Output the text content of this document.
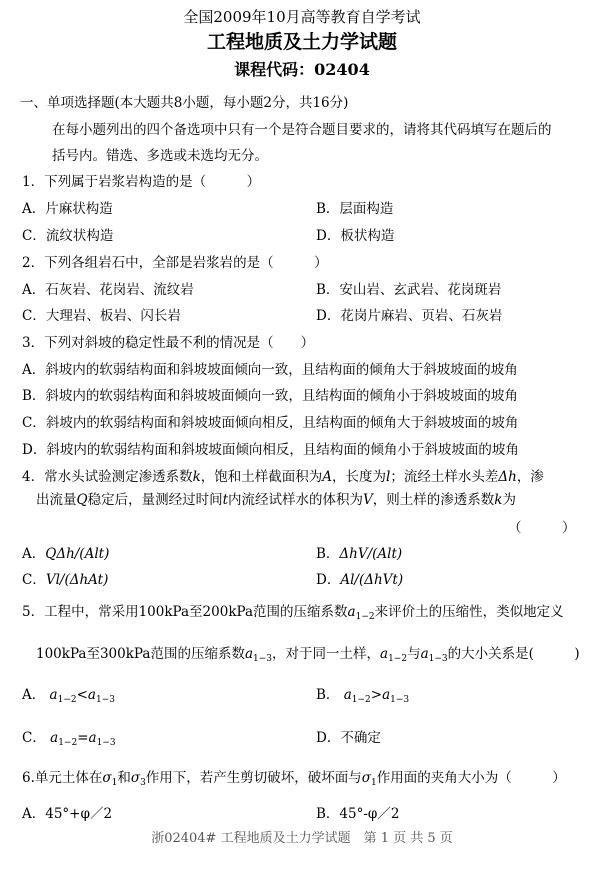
全国2009年10月高等教育自学考试
工程地质及土力学试题
课程代码：02404
一、单项选择题(本大题共8小题，每小题2分，共16分)
在每小题列出的四个备选项中只有一个是符合题目要求的，请将其代码填写在题后的
括号内。错选、多选或未选均无分。
1．下列属于岩浆岩构造的是（　　　）
A．片麻状构造	B．层面构造
C．流纹状构造	D．板状构造
2．下列各组岩石中，全部是岩浆岩的是（　　　）
A．石灰岩、花岗岩、流纹岩	B．安山岩、玄武岩、花岗斑岩
C．大理岩、板岩、闪长岩	D．花岗片麻岩、页岩、石灰岩
3．下列对斜坡的稳定性最不利的情况是（　　）
A．斜坡内的软弱结构面和斜坡坡面倾向一致，且结构面的倾角大于斜坡坡面的坡角
B．斜坡内的软弱结构面和斜坡坡面倾向一致，且结构面的倾角小于斜坡坡面的坡角
C．斜坡内的软弱结构面和斜坡坡面倾向相反，且结构面的倾角大于斜坡坡面的坡角
D．斜坡内的软弱结构面和斜坡坡面倾向相反，且结构面的倾角小于斜坡坡面的坡角
4．常水头试验测定渗透系数k，饱和土样截面积为A，长度为l；流经土样水头差Δh，渗
出流量Q稳定后，量测经过时间t内流经试样水的体积为V，则土样的渗透系数k为
（　　　）
A．QΔh/(Alt)	B．ΔhV/(Alt)
C．Vl/(ΔhAt)	D．Al/(ΔhVt)
5．工程中，常采用100kPa至200kPa范围的压缩系数$a_{1-2}$来评价土的压缩性，类似地定义
100kPa至300kPa范围的压缩系数$a_{1-3}$，对于同一土样，$a_{1-2}$与$a_{1-3}$的大小关系是(　　　)
A． $a_{1-2}<a_{1-3}$	B． $a_{1-2}>a_{1-3}$
C． $a_{1-2}=a_{1-3}$	D．不确定
6.单元土体在$\sigma_1$和$\sigma_3$作用下，若产生剪切破坏，破坏面与$\sigma_1$作用面的夹角大小为（　　　）
A．45°+φ／2	B．45°-φ／2
浙02404# 工程地质及土力学试题　第 1 页 共 5 页
